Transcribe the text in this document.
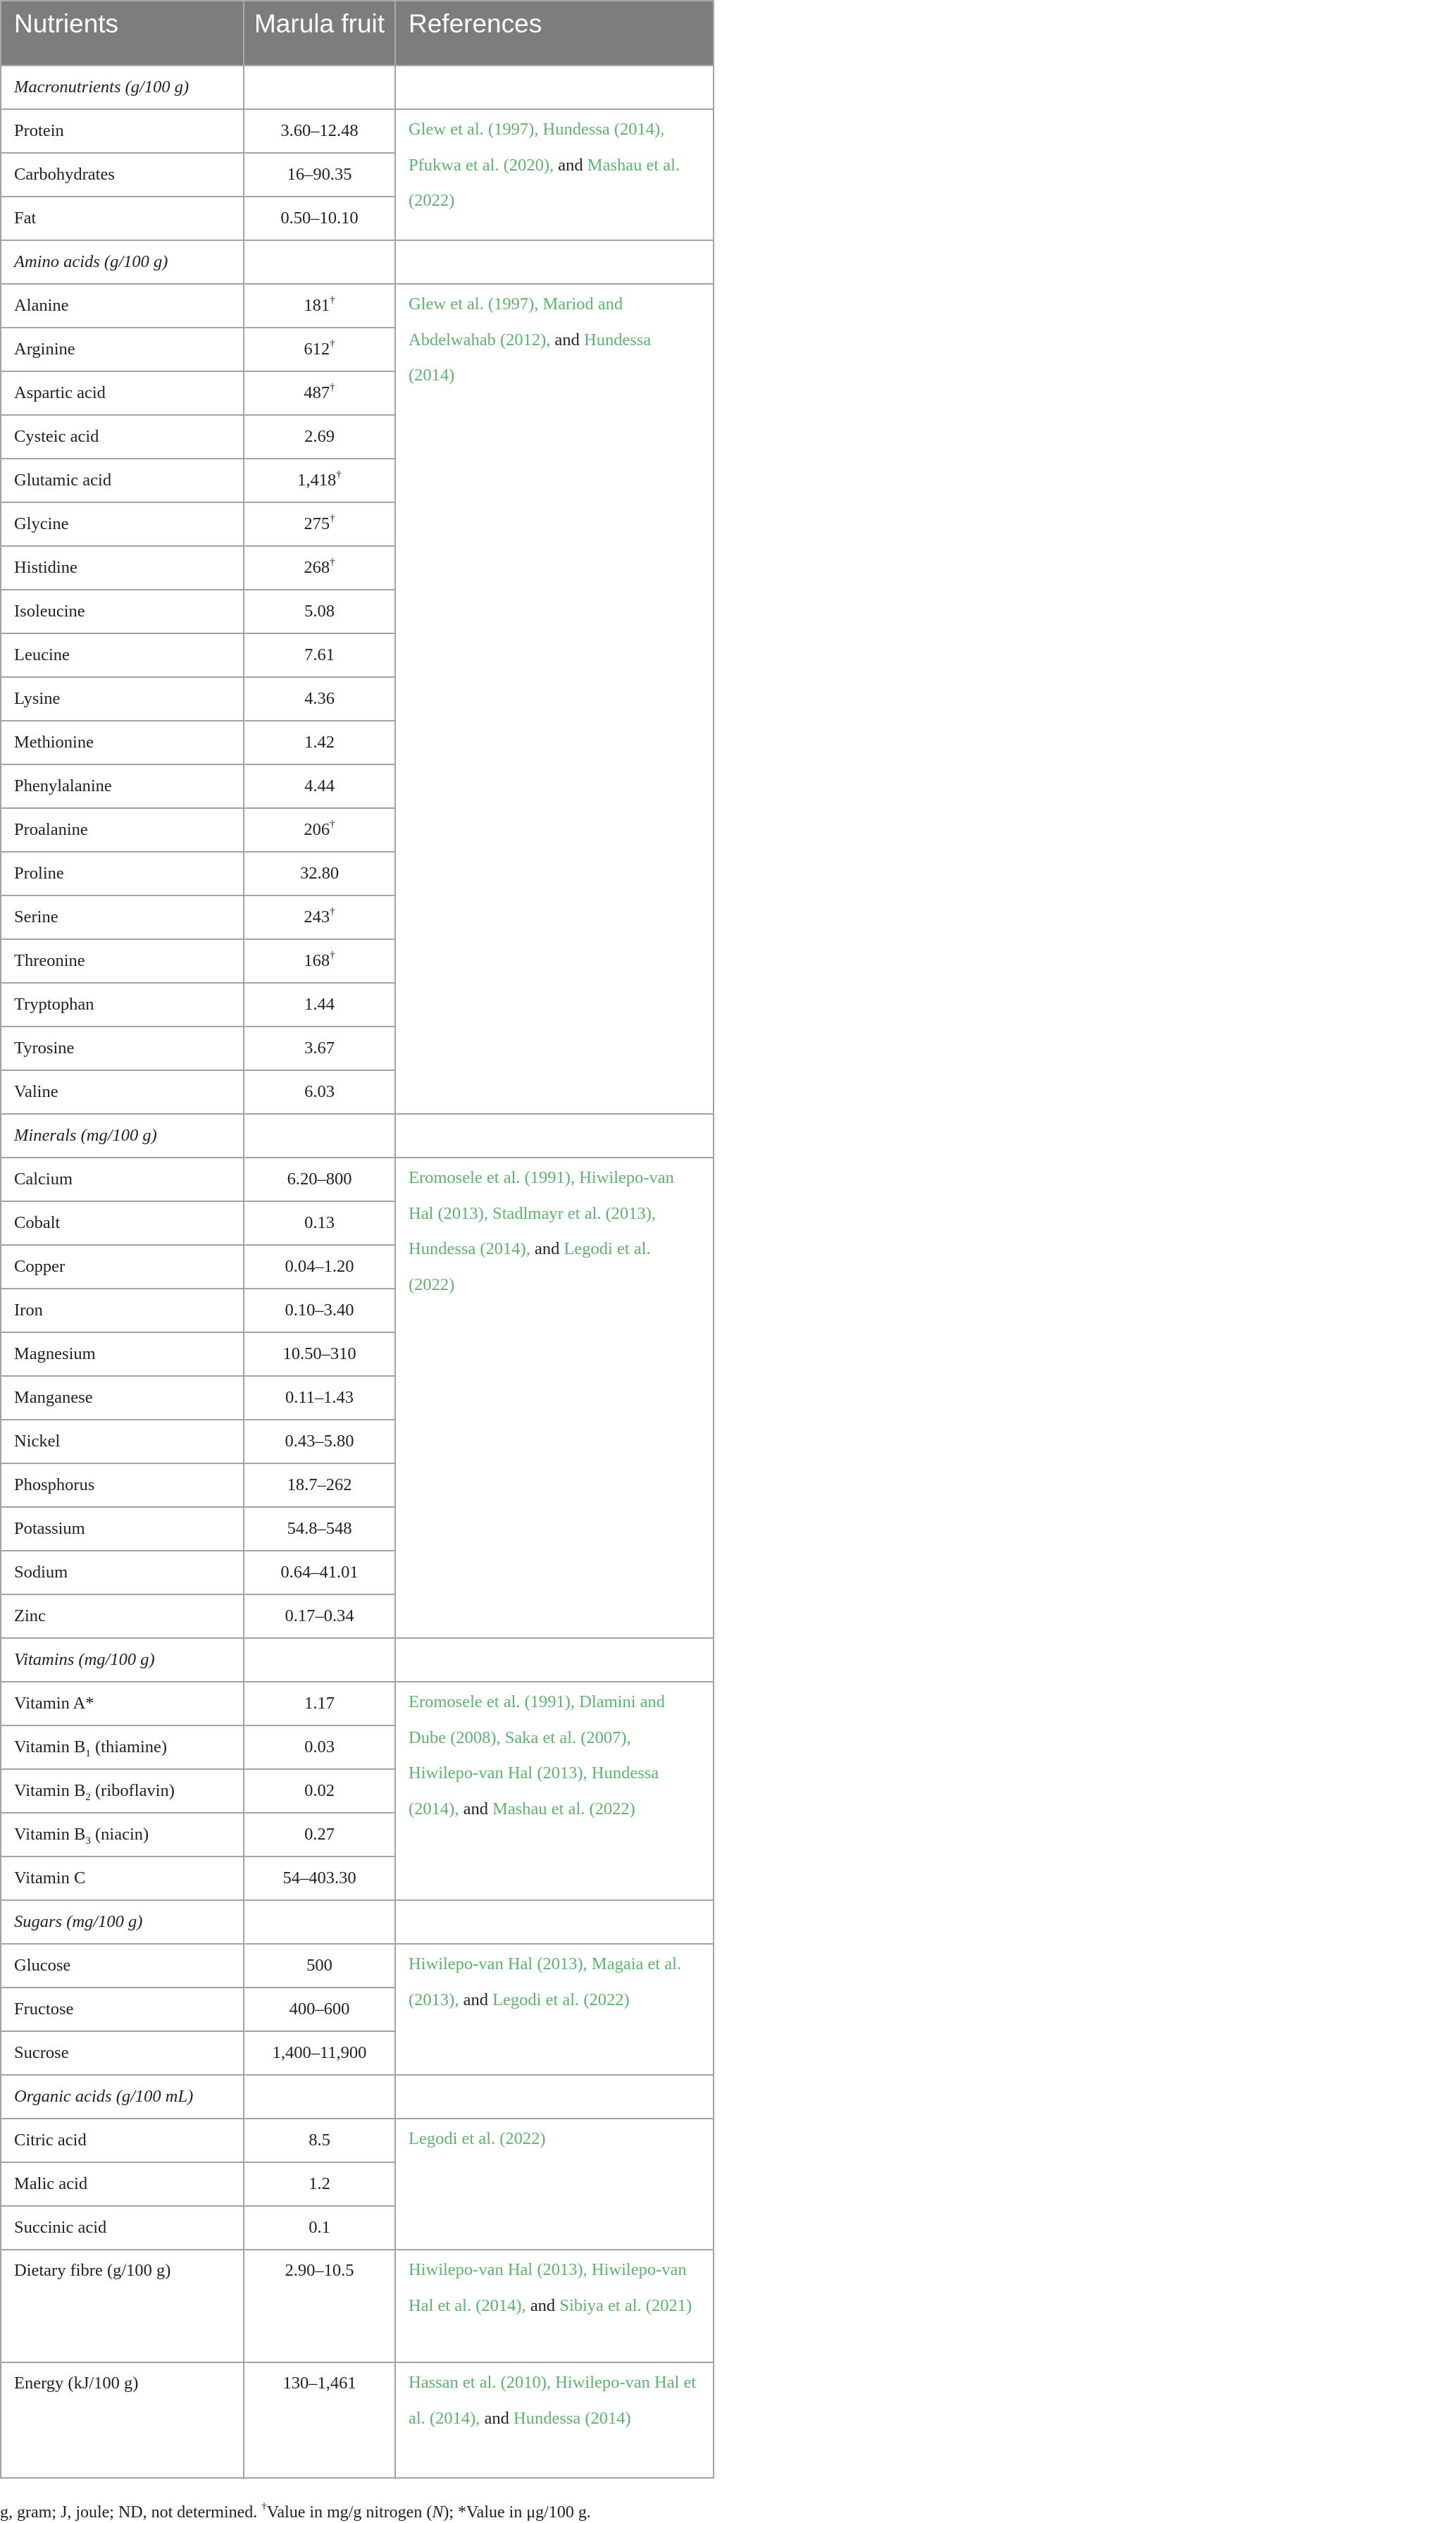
Nutrients	Marula fruit	References
Macronutrients (g/100 g)		
Protein	3.60–12.48	Glew et al. (1997), Hundessa (2014), Pfukwa et al. (2020), and Mashau et al. (2022)
Carbohydrates	16–90.35	
Fat	0.50–10.10	
Amino acids (g/100 g)		
Alanine	181†	Glew et al. (1997), Mariod and Abdelwahab (2012), and Hundessa (2014)
Arginine	612†
Aspartic acid	487†
Cysteic acid	2.69	
Glutamic acid	1,418†
Glycine	275†
Histidine	268†
Isoleucine	5.08	
Leucine	7.61	
Lysine	4.36	
Methionine	1.42	
Phenylalanine	4.44	
Proalanine	206†
Proline	32.80	
Serine	243†
Threonine	168†
Tryptophan	1.44	
Tyrosine	3.67	
Valine	6.03	
Minerals (mg/100 g)		
Calcium	6.20–800	Eromosele et al. (1991), Hiwilepo-van Hal (2013), Stadlmayr et al. (2013), Hundessa (2014), and Legodi et al. (2022)
Cobalt	0.13	
Copper	0.04–1.20	
Iron	0.10–3.40	
Magnesium	10.50–310	
Manganese	0.11–1.43	
Nickel	0.43–5.80	
Phosphorus	18.7–262	
Potassium	54.8–548	
Sodium	0.64–41.01	
Zinc	0.17–0.34	
Vitamins (mg/100 g)		
Vitamin A*	1.17	Eromosele et al. (1991), Dlamini and Dube (2008), Saka et al. (2007), Hiwilepo-van Hal (2013), Hundessa (2014), and Mashau et al. (2022)
Vitamin $B_1$ (thiamine)	0.03	
Vitamin $B_2$ (riboflavin)	0.02	
Vitamin $B_3$ (niacin)	0.27	
Vitamin C	54–403.30	
Sugars (mg/100 g)		
Glucose	500	Hiwilepo-van Hal (2013), Magaia et al. (2013), and Legodi et al. (2022)
Fructose	400–600	
Sucrose	1,400–11,900	
Organic acids (g/100 mL)		
Citric acid	8.5	Legodi et al. (2022)
Malic acid	1.2	
Succinic acid	0.1	
Dietary fibre (g/100 g)	2.90–10.5	Hiwilepo-van Hal (2013), Hiwilepo-van Hal et al. (2014), and Sibiya et al. (2021)
Energy (kJ/100 g)	130–1,461	Hassan et al. (2010), Hiwilepo-van Hal et al. (2014), and Hundessa (2014)
g, gram; J, joule; ND, not determined. †Value in mg/g nitrogen (N); *Value in μg/100 g.
